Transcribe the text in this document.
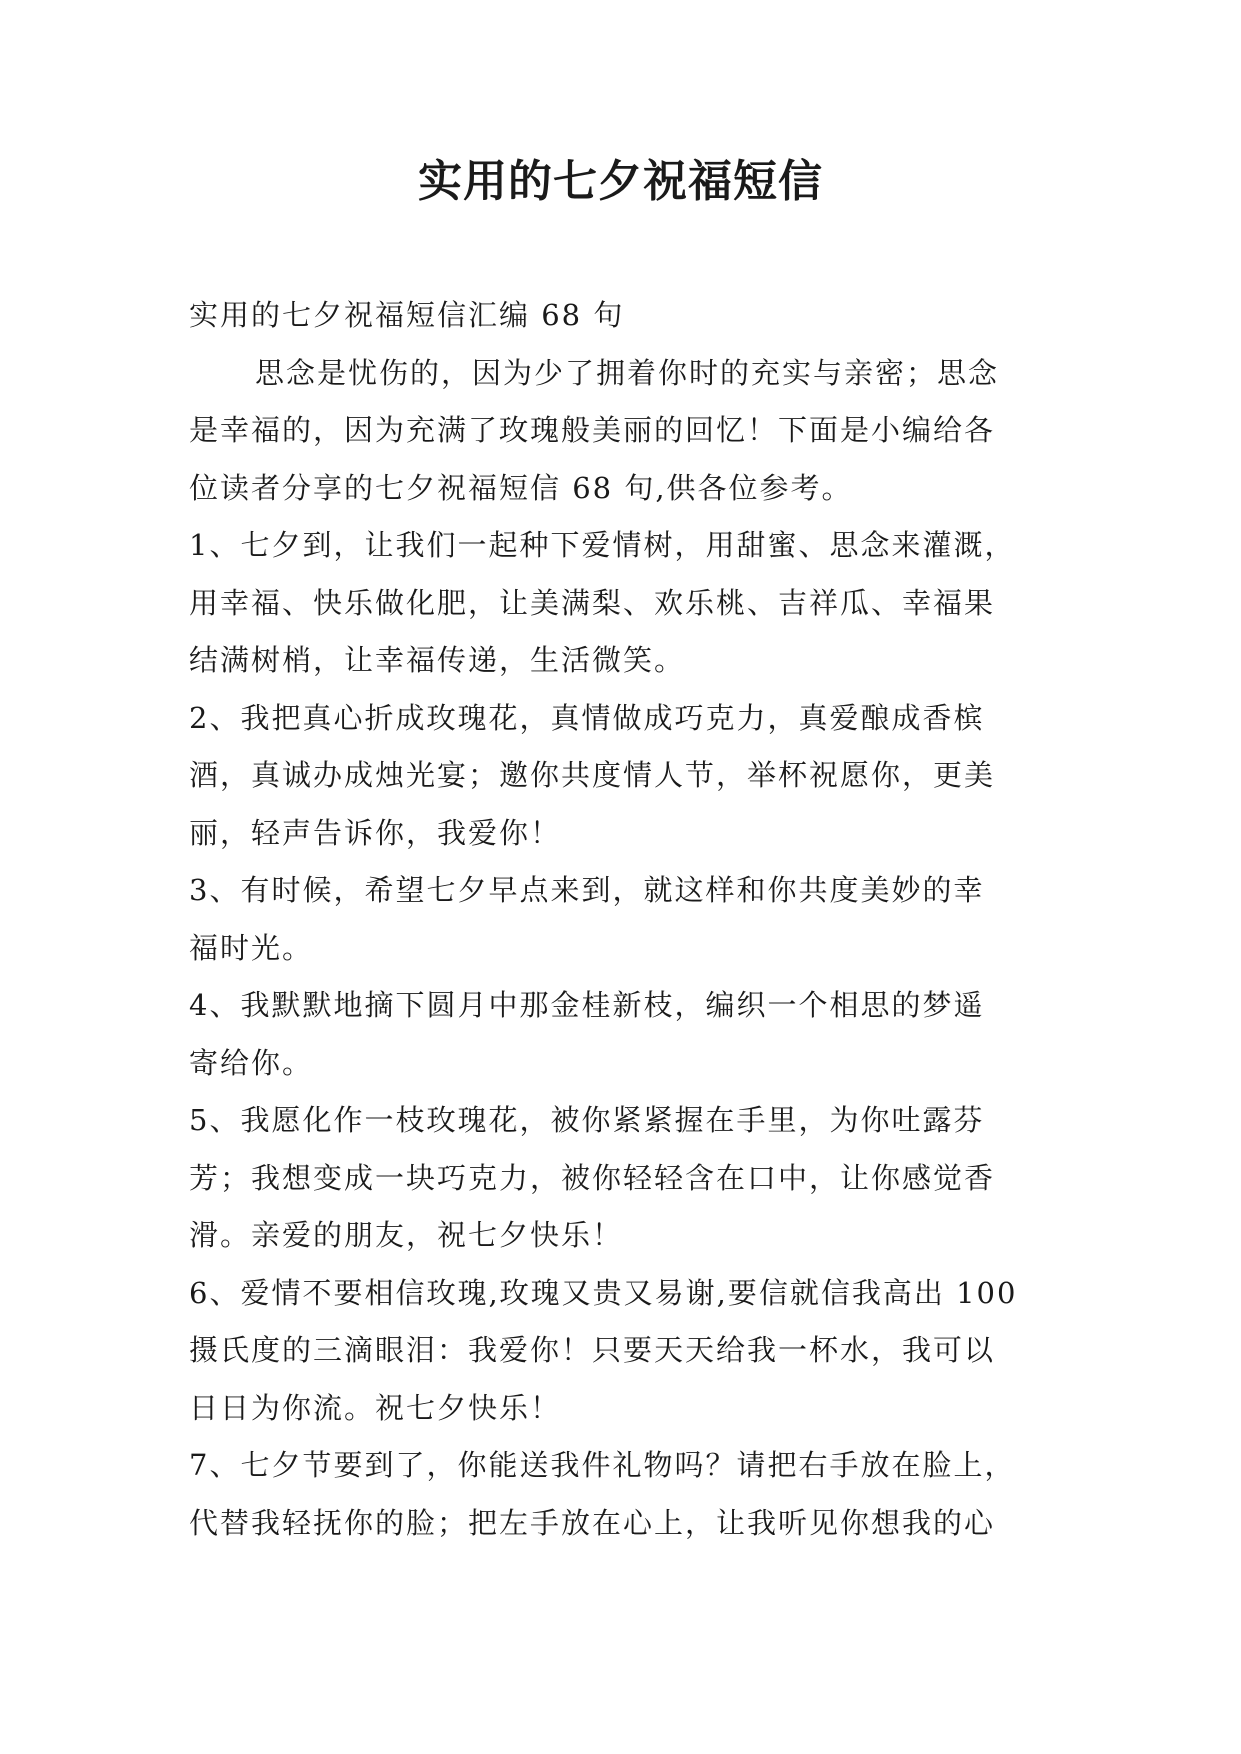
实用的七夕祝福短信
实用的七夕祝福短信汇编 68 句
思念是忧伤的，因为少了拥着你时的充实与亲密；思念
是幸福的，因为充满了玫瑰般美丽的回忆！下面是小编给各
位读者分享的七夕祝福短信 68 句,供各位参考。
1、七夕到，让我们一起种下爱情树，用甜蜜、思念来灌溉，
用幸福、快乐做化肥，让美满梨、欢乐桃、吉祥瓜、幸福果
结满树梢，让幸福传递，生活微笑。
2、我把真心折成玫瑰花，真情做成巧克力，真爱酿成香槟
酒，真诚办成烛光宴；邀你共度情人节，举杯祝愿你，更美
丽，轻声告诉你，我爱你！
3、有时候，希望七夕早点来到，就这样和你共度美妙的幸
福时光。
4、我默默地摘下圆月中那金桂新枝，编织一个相思的梦遥
寄给你。
5、我愿化作一枝玫瑰花，被你紧紧握在手里，为你吐露芬
芳；我想变成一块巧克力，被你轻轻含在口中，让你感觉香
滑。亲爱的朋友，祝七夕快乐！
6、爱情不要相信玫瑰,玫瑰又贵又易谢,要信就信我高出 100
摄氏度的三滴眼泪：我爱你！只要天天给我一杯水，我可以
日日为你流。祝七夕快乐！
7、七夕节要到了，你能送我件礼物吗？请把右手放在脸上，
代替我轻抚你的脸；把左手放在心上，让我听见你想我的心
